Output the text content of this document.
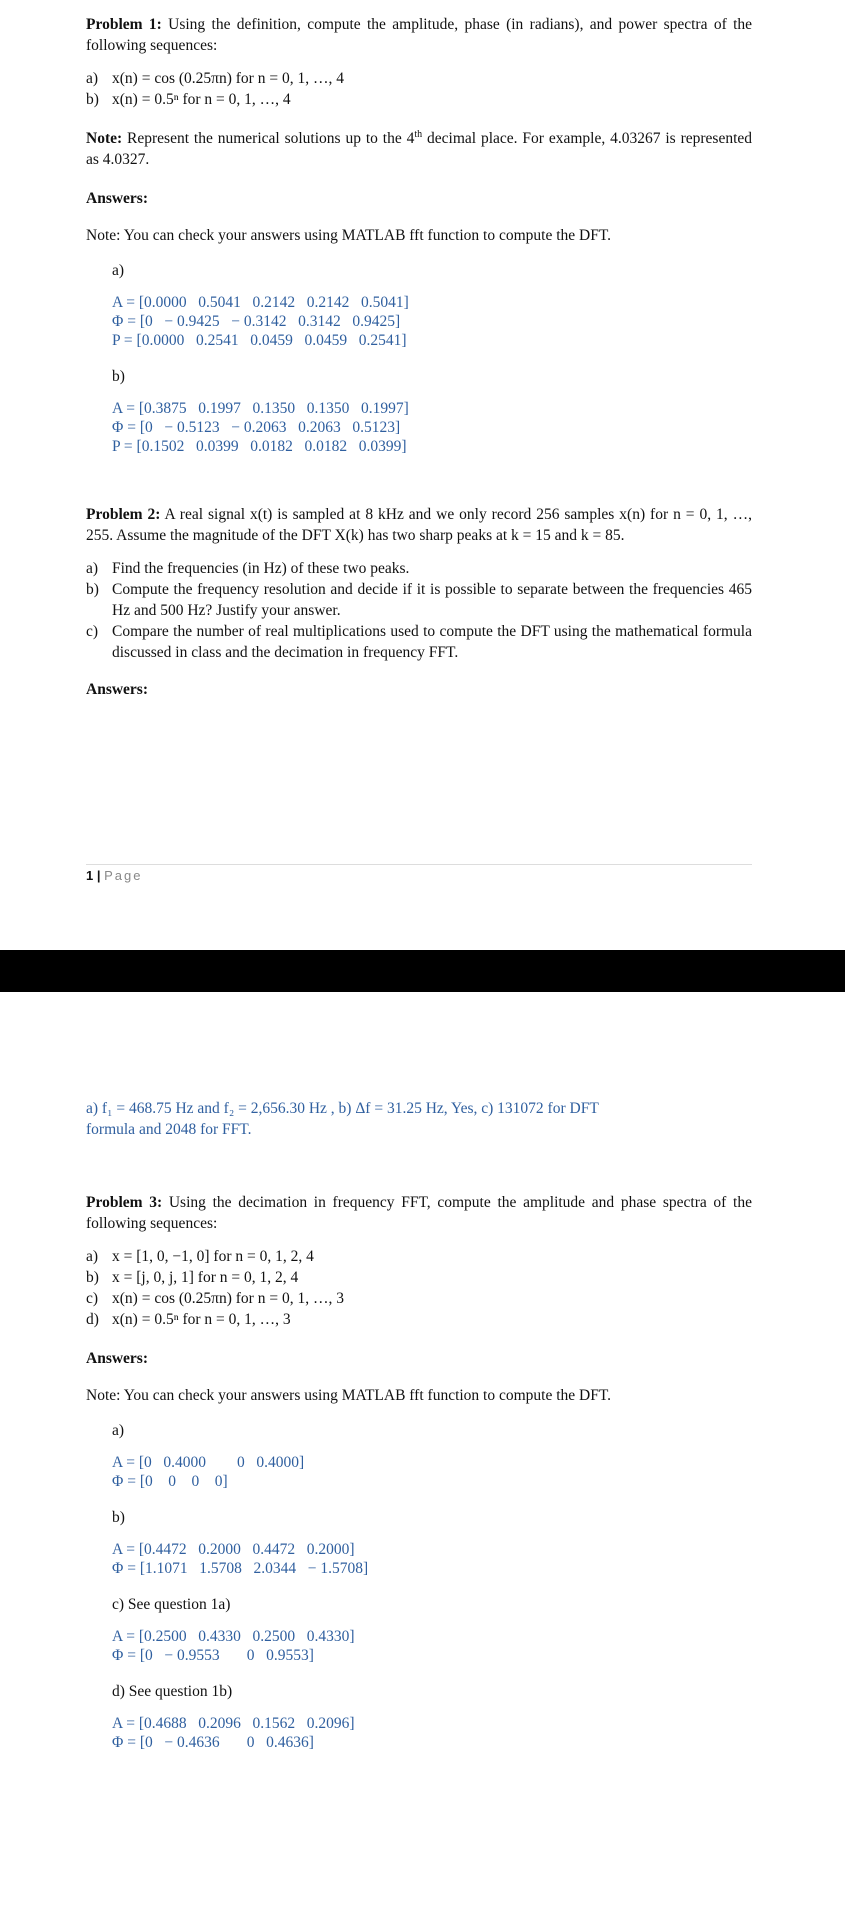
Problem 1: Using the definition, compute the amplitude, phase (in radians), and power spectra of the following sequences:

a) x(n) = cos (0.25πn) for n = 0, 1, …, 4
b) x(n) = 0.5ⁿ for n = 0, 1, …, 4

Note: Represent the numerical solutions up to the 4th decimal place. For example, 4.03267 is represented as 4.0327.

Answers:

Note: You can check your answers using MATLAB fft function to compute the DFT.

a)

A = [0.0000   0.5041   0.2142   0.2142   0.5041]
Φ = [0   − 0.9425   − 0.3142   0.3142   0.9425]
P = [0.0000   0.2541   0.0459   0.0459   0.2541]

b)

A = [0.3875   0.1997   0.1350   0.1350   0.1997]
Φ = [0   − 0.5123   − 0.2063   0.2063   0.5123]
P = [0.1502   0.0399   0.0182   0.0182   0.0399]

Problem 2: A real signal x(t) is sampled at 8 kHz and we only record 256 samples x(n) for n = 0, 1, …, 255. Assume the magnitude of the DFT X(k) has two sharp peaks at k = 15 and k = 85.

a) Find the frequencies (in Hz) of these two peaks.
b) Compute the frequency resolution and decide if it is possible to separate between the frequencies 465 Hz and 500 Hz? Justify your answer.
c) Compare the number of real multiplications used to compute the DFT using the mathematical formula discussed in class and the decimation in frequency FFT.

Answers:

1 | Page

a) f₁ = 468.75 Hz and f₂ = 2,656.30 Hz , b) Δf = 31.25 Hz, Yes, c) 131072 for DFT

formula and 2048 for FFT.

Problem 3: Using the decimation in frequency FFT, compute the amplitude and phase spectra of the following sequences:

a) x = [1, 0, −1, 0] for n = 0, 1, 2, 4
b) x = [j, 0, j, 1] for n = 0, 1, 2, 4
c) x(n) = cos (0.25πn) for n = 0, 1, …, 3
d) x(n) = 0.5ⁿ for n = 0, 1, …, 3

Answers:

Note: You can check your answers using MATLAB fft function to compute the DFT.

a)

A = [0   0.4000        0   0.4000]
Φ = [0    0    0    0]

b)

A = [0.4472   0.2000   0.4472   0.2000]
Φ = [1.1071   1.5708   2.0344   − 1.5708]

c) See question 1a)

A = [0.2500   0.4330   0.2500   0.4330]
Φ = [0   − 0.9553       0   0.9553]

d) See question 1b)

A = [0.4688   0.2096   0.1562   0.2096]
Φ = [0   − 0.4636       0   0.4636]
